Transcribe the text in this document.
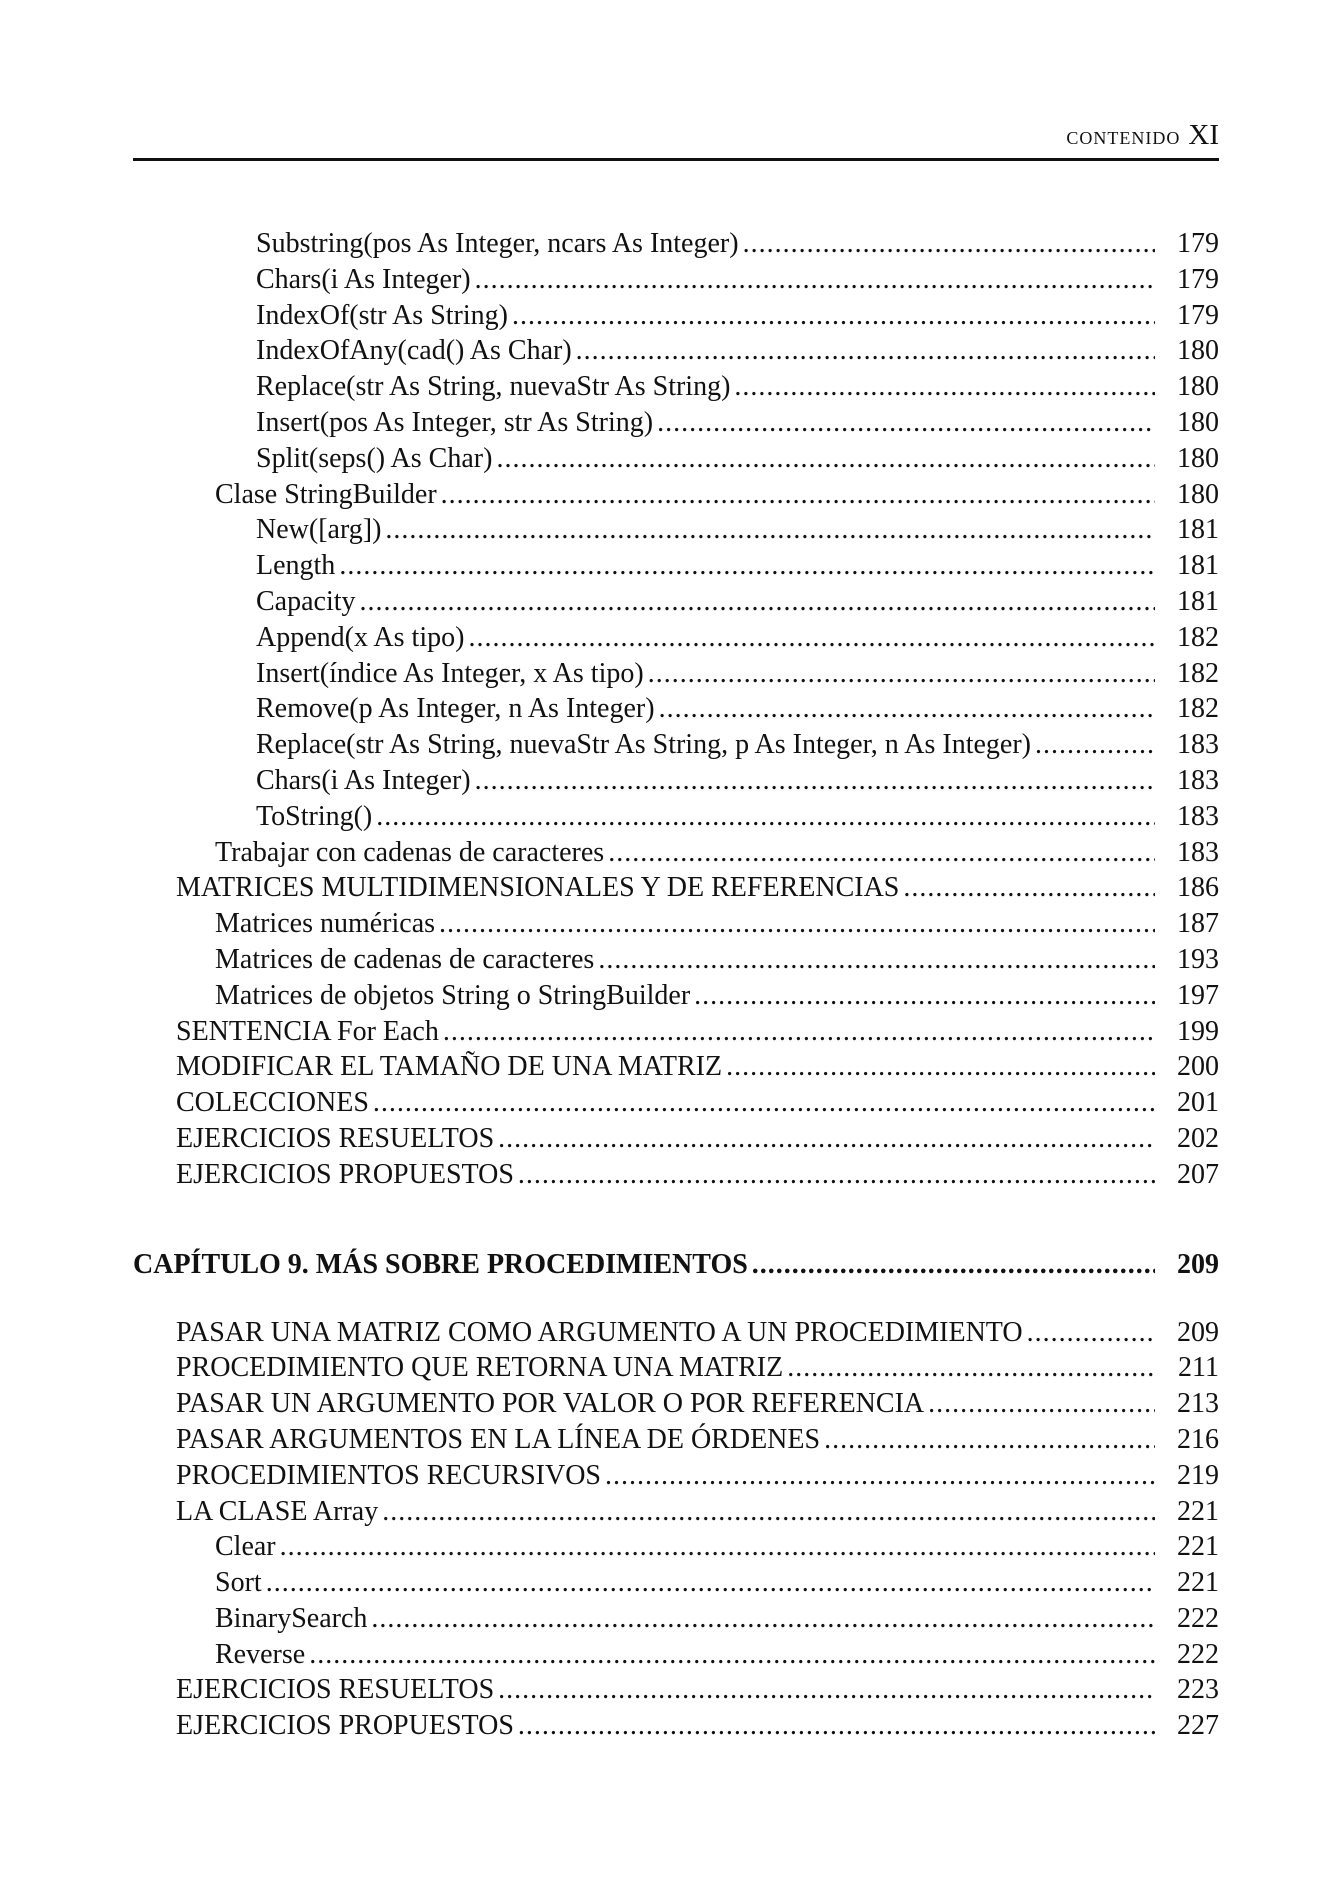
CONTENIDO XI
Substring(pos As Integer, ncars As Integer) . . .	179
Chars(i As Integer) . . .	179
IndexOf(str As String) . . .	179
IndexOfAny(cad() As Char) . . .	180
Replace(str As String, nuevaStr As String) . . .	180
Insert(pos As Integer, str As String) . . .	180
Split(seps() As Char) . . .	180
Clase StringBuilder . . .	180
New([arg]) . . .	181
Length . . .	181
Capacity . . .	181
Append(x As tipo) . . .	182
Insert(índice As Integer, x As tipo) . . .	182
Remove(p As Integer, n As Integer) . . .	182
Replace(str As String, nuevaStr As String, p As Integer, n As Integer) . . .	183
Chars(i As Integer) . . .	183
ToString() . . .	183
Trabajar con cadenas de caracteres . . .	183
MATRICES MULTIDIMENSIONALES Y DE REFERENCIAS . . .	186
Matrices numéricas . . .	187
Matrices de cadenas de caracteres . . .	193
Matrices de objetos String o StringBuilder . . .	197
SENTENCIA For Each . . .	199
MODIFICAR EL TAMAÑO DE UNA MATRIZ . . .	200
COLECCIONES . . .	201
EJERCICIOS RESUELTOS . . .	202
EJERCICIOS PROPUESTOS . . .	207
CAPÍTULO 9. MÁS SOBRE PROCEDIMIENTOS . . .	209
PASAR UNA MATRIZ COMO ARGUMENTO A UN PROCEDIMIENTO . . .	209
PROCEDIMIENTO QUE RETORNA UNA MATRIZ . . .	211
PASAR UN ARGUMENTO POR VALOR O POR REFERENCIA . . .	213
PASAR ARGUMENTOS EN LA LÍNEA DE ÓRDENES . . .	216
PROCEDIMIENTOS RECURSIVOS . . .	219
LA CLASE Array . . .	221
Clear . . .	221
Sort . . .	221
BinarySearch . . .	222
Reverse . . .	222
EJERCICIOS RESUELTOS . . .	223
EJERCICIOS PROPUESTOS . . .	227
